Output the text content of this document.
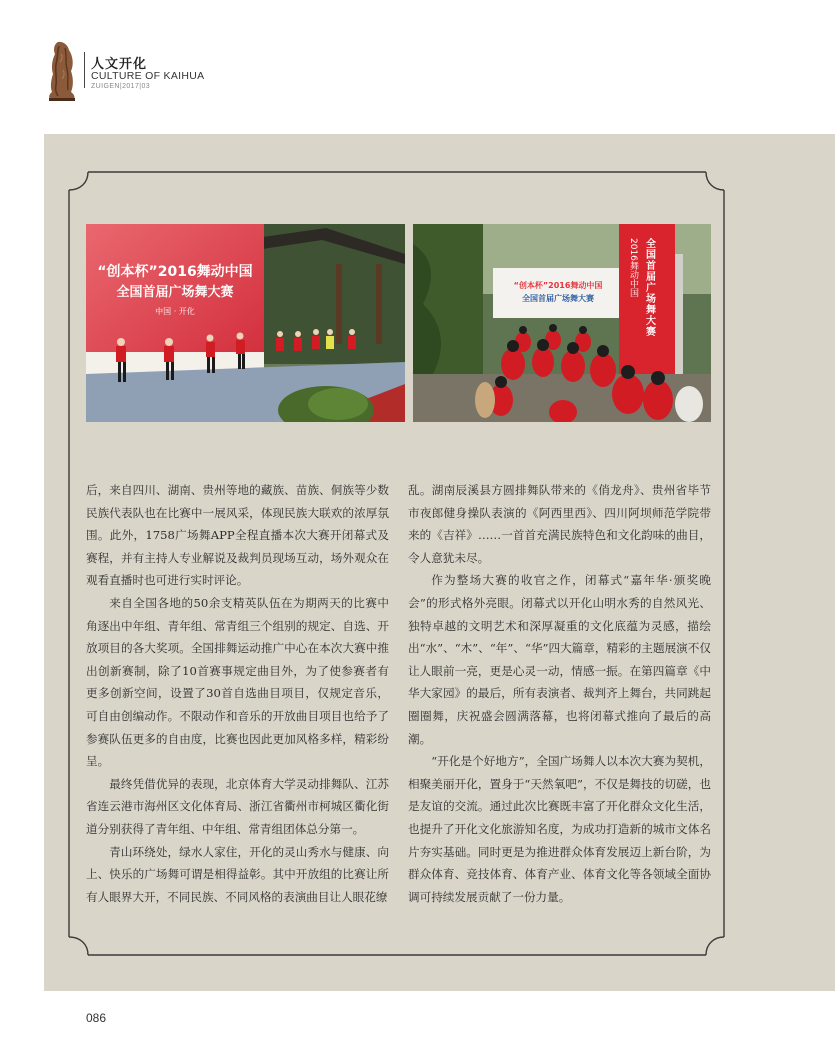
人文开化
CULTURE OF KAIHUA
ZUIGEN|2017|03
“创本杯”2016舞动中国
全国首届广场舞大赛
中国 · 开化
“创本杯”2016舞动中国
全国首届广场舞大赛	全国首届广场舞大赛
2016舞动中国

后，来自四川、湖南、贵州等地的藏族、苗族、侗族等少数民族代表队也在比赛中一展风采，体现民族大联欢的浓厚氛围。此外，1758广场舞APP全程直播本次大赛开闭幕式及赛程，并有主持人专业解说及裁判员现场互动，场外观众在观看直播时也可进行实时评论。

来自全国各地的50余支精英队伍在为期两天的比赛中角逐出中年组、青年组、常青组三个组别的规定、自选、开放项目的各大奖项。全国排舞运动推广中心在本次大赛中推出创新赛制，除了10首赛事规定曲目外，为了使参赛者有更多创新空间，设置了30首自选曲目项目，仅规定音乐，可自由创编动作。不限动作和音乐的开放曲目项目也给予了参赛队伍更多的自由度，比赛也因此更加风格多样，精彩纷呈。

最终凭借优异的表现，北京体育大学灵动排舞队、江苏省连云港市海州区文化体育局、浙江省衢州市柯城区衢化街道分别获得了青年组、中年组、常青组团体总分第一。

青山环绕处，绿水人家住，开化的灵山秀水与健康、向上、快乐的广场舞可谓是相得益彰。其中开放组的比赛让所有人眼界大开，不同民族、不同风格的表演曲目让人眼花缭

乱。湖南辰溪县方圆排舞队带来的《俏龙舟》、贵州省毕节市夜郎健身操队表演的《阿西里西》、四川阿坝师范学院带来的《吉祥》……一首首充满民族特色和文化韵味的曲目，令人意犹未尽。

作为整场大赛的收官之作，闭幕式“嘉年华·颁奖晚会”的形式格外亮眼。闭幕式以开化山明水秀的自然风光、独特卓越的文明艺术和深厚凝重的文化底蕴为灵感，描绘出“水”、“木”、“年”、“华”四大篇章，精彩的主题展演不仅让人眼前一亮，更是心灵一动，情感一振。在第四篇章《中华大家园》的最后，所有表演者、裁判齐上舞台，共同跳起圈圈舞，庆祝盛会圆满落幕，也将闭幕式推向了最后的高潮。

“开化是个好地方”，全国广场舞人以本次大赛为契机，相聚美丽开化，置身于“天然氧吧”，不仅是舞技的切磋，也是友谊的交流。通过此次比赛既丰富了开化群众文化生活，也提升了开化文化旅游知名度，为成功打造新的城市文体名片夯实基础。同时更是为推进群众体育发展迈上新台阶，为群众体育、竞技体育、体育产业、体育文化等各领域全面协调可持续发展贡献了一份力量。

086
